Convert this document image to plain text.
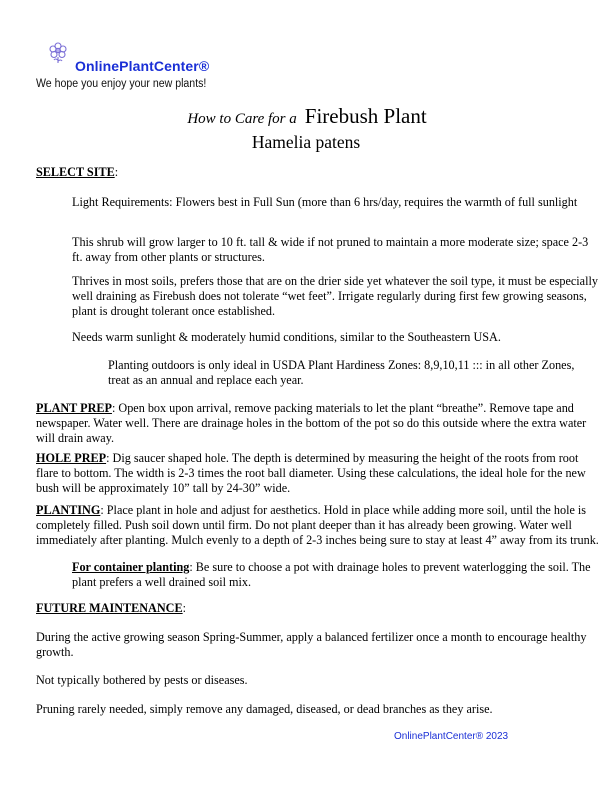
OnlinePlantCenter®
We hope you enjoy your new plants!
How to Care for a Firebush Plant
Hamelia patens
SELECT SITE:
Light Requirements: Flowers best in Full Sun (more than 6 hrs/day, requires the warmth of full sunlight
This shrub will grow larger to 10 ft. tall & wide if not pruned to maintain a more moderate size; space 2-3 ft. away from other plants or structures.
Thrives in most soils, prefers those that are on the drier side yet whatever the soil type, it must be especially well draining as Firebush does not tolerate “wet feet”. Irrigate regularly during first few growing seasons, plant is drought tolerant once established.
Needs warm sunlight & moderately humid conditions, similar to the Southeastern USA.
Planting outdoors is only ideal in USDA Plant Hardiness Zones: 8,9,10,11 ::: in all other Zones, treat as an annual and replace each year.
PLANT PREP: Open box upon arrival, remove packing materials to let the plant “breathe”. Remove tape and newspaper. Water well. There are drainage holes in the bottom of the pot so do this outside where the extra water will drain away.
HOLE PREP: Dig saucer shaped hole. The depth is determined by measuring the height of the roots from root flare to bottom. The width is 2-3 times the root ball diameter. Using these calculations, the ideal hole for the new bush will be approximately 10” tall by 24-30” wide.
PLANTING: Place plant in hole and adjust for aesthetics. Hold in place while adding more soil, until the hole is completely filled. Push soil down until firm. Do not plant deeper than it has already been growing. Water well immediately after planting. Mulch evenly to a depth of 2-3 inches being sure to stay at least 4” away from its trunk.
For container planting: Be sure to choose a pot with drainage holes to prevent waterlogging the soil. The plant prefers a well drained soil mix.
FUTURE MAINTENANCE:
During the active growing season Spring-Summer, apply a balanced fertilizer once a month to encourage healthy growth.
Not typically bothered by pests or diseases.
Pruning rarely needed, simply remove any damaged, diseased, or dead branches as they arise.
OnlinePlantCenter® 2023
